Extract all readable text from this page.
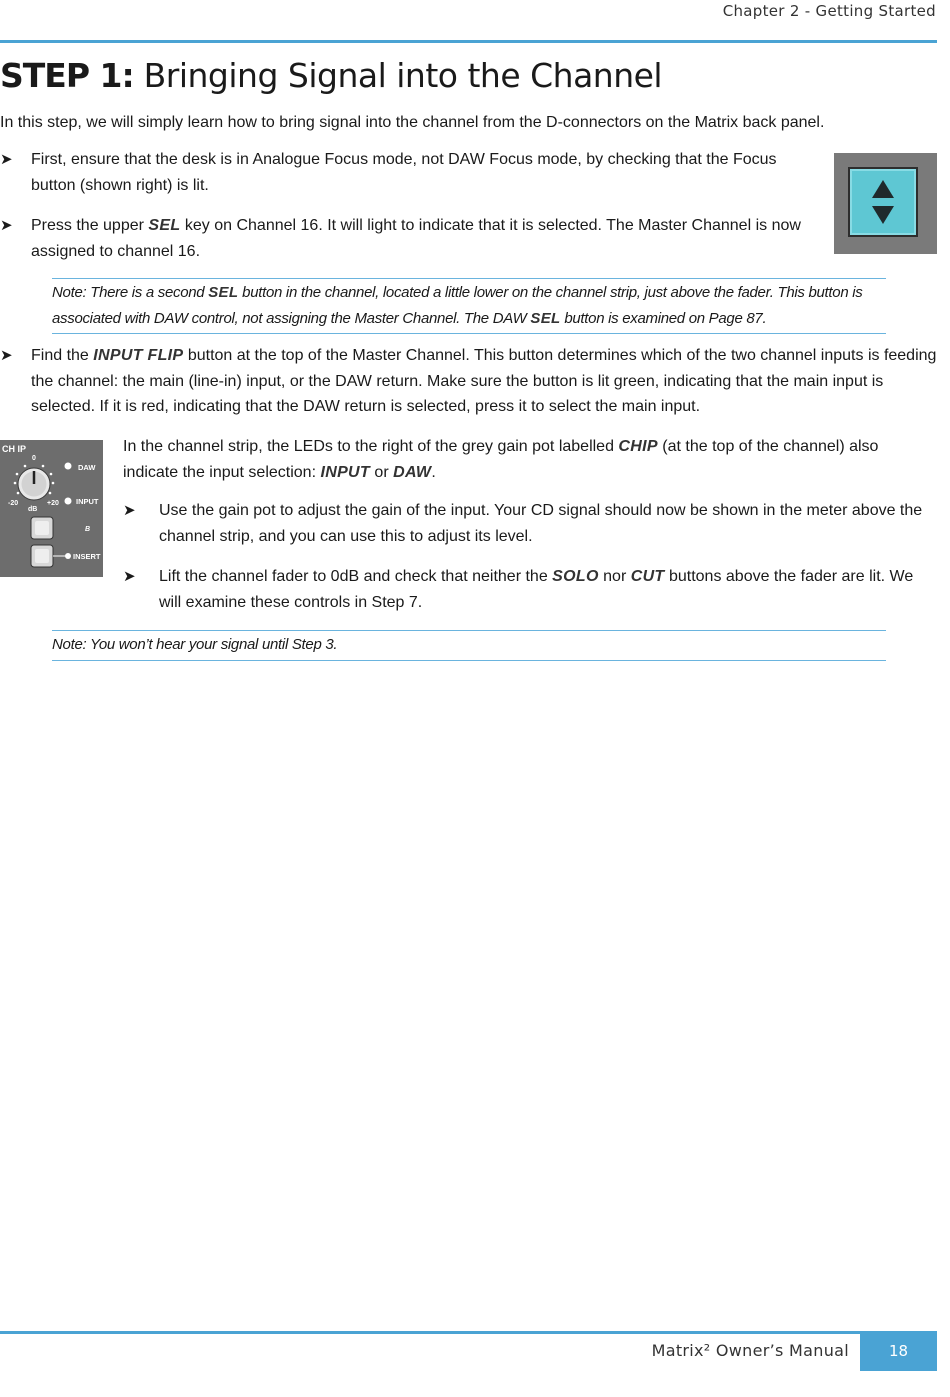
Chapter 2 - Getting Started
STEP 1: Bringing Signal into the Channel

In this step, we will simply learn how to bring signal into the channel from the D-connectors on the Matrix back panel.

➤	First, ensure that the desk is in Analogue Focus mode, not DAW Focus mode, by checking that the Focus button (shown right) is lit.
➤	Press the upper SEL key on Channel 16. It will light to indicate that it is selected. The Master Channel is now assigned to channel 16.
Note: There is a second SEL button in the channel, located a little lower on the channel strip, just above the fader. This button is associated with DAW control, not assigning the Master Channel. The DAW SEL button is examined on Page 87.
➤	Find the INPUT FLIP button at the top of the Master Channel. This button determines which of the two channel inputs is feeding the channel: the main (line-in) input, or the DAW return. Make sure the button is lit green, indicating that the main input is selected. If it is red, indicating that the DAW return is selected, press it to select the main input.
CH IP
0
-20	+20
dB
DAW
INPUT
B
INSERT
In the channel strip, the LEDs to the right of the grey gain pot labelled CHIP (at the top of the channel) also indicate the input selection: INPUT or DAW.
➤	Use the gain pot to adjust the gain of the input. Your CD signal should now be shown in the meter above the channel strip, and you can use this to adjust its level.
➤	Lift the channel fader to 0dB and check that neither the SOLO nor CUT buttons above the fader are lit. We will examine these controls in Step 7.
Note: You won’t hear your signal until Step 3.
Matrix² Owner’s Manual	18
